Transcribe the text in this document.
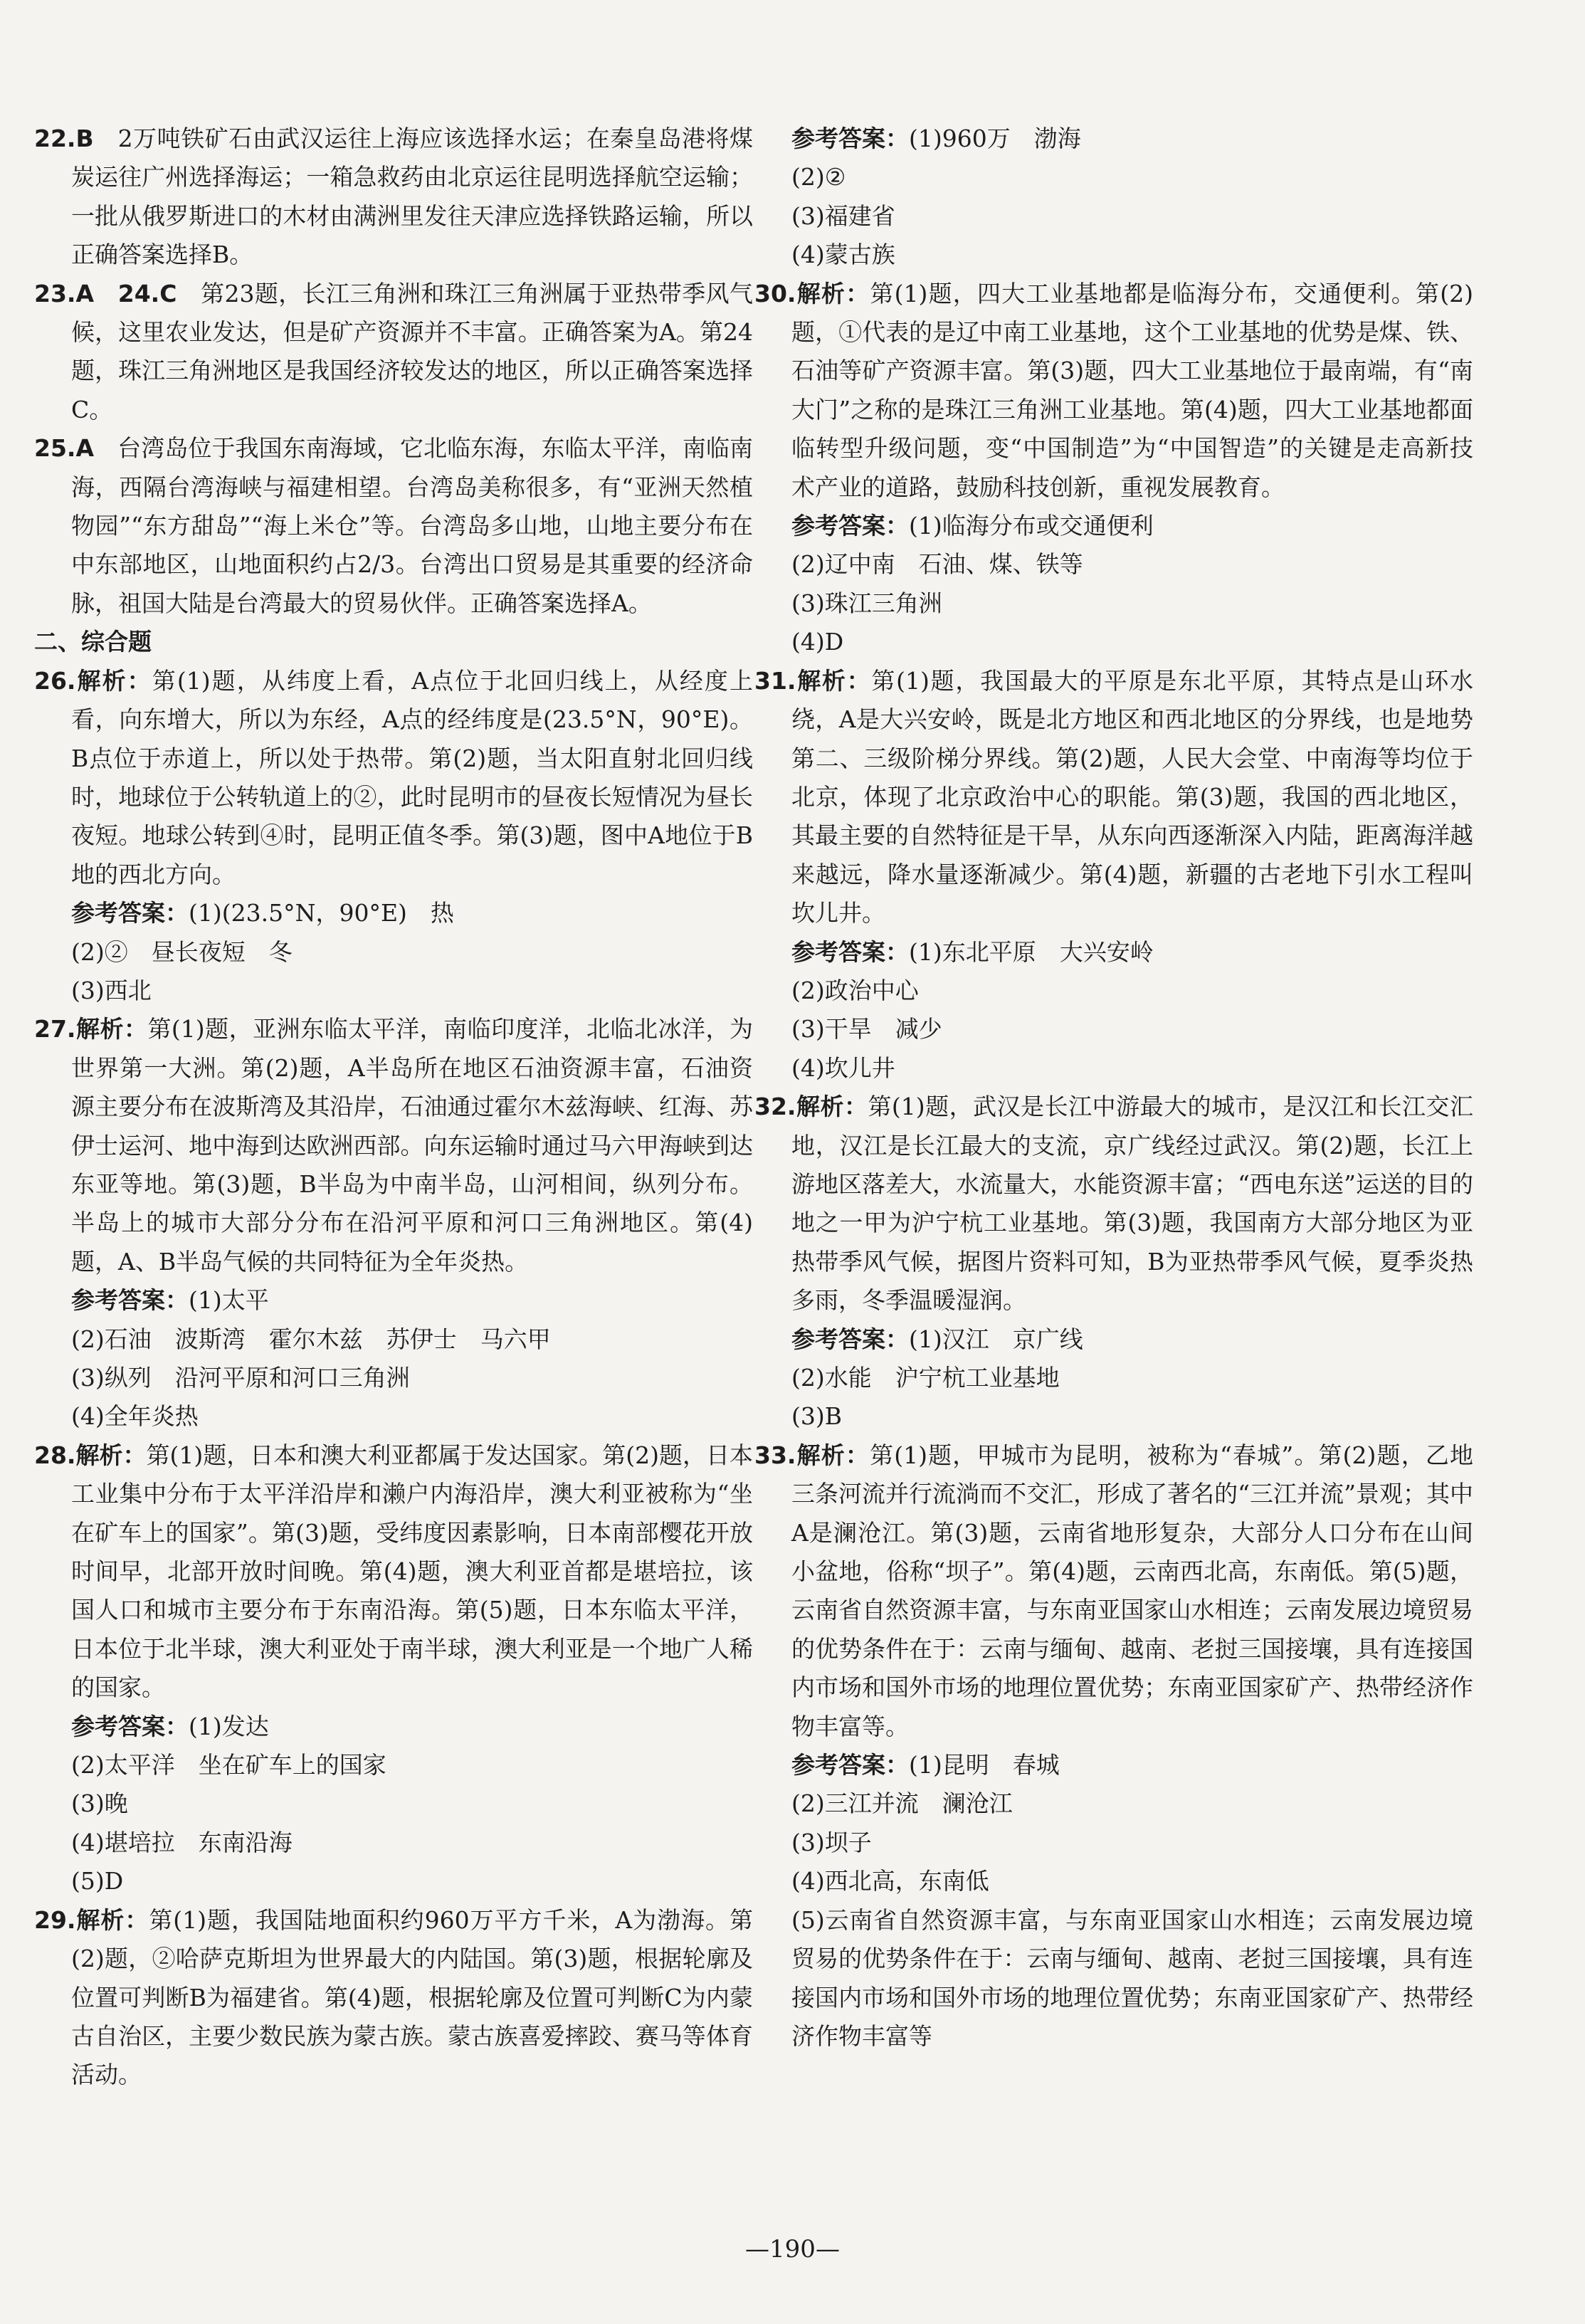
22.B　 2万吨铁矿石由武汉运往上海应该选择水运；在秦皇岛港将煤炭运往广州选择海运；一箱急救药由北京运往昆明选择航空运输；一批从俄罗斯进口的木材由满洲里发往天津应选择铁路运输，所以正确答案选择B。

23.A　 24.C　 第23题，长江三角洲和珠江三角洲属于亚热带季风气候，这里农业发达，但是矿产资源并不丰富。正确答案为A。第24题，珠江三角洲地区是我国经济较发达的地区，所以正确答案选择C。

25.A　 台湾岛位于我国东南海域，它北临东海，东临太平洋，南临南海，西隔台湾海峡与福建相望。台湾岛美称很多，有“亚洲天然植物园”“东方甜岛”“海上米仓”等。台湾岛多山地，山地主要分布在中东部地区，山地面积约占2/3。台湾出口贸易是其重要的经济命脉，祖国大陆是台湾最大的贸易伙伴。正确答案选择A。

二、综合题

26.解析：第(1)题，从纬度上看，A点位于北回归线上，从经度上看，向东增大，所以为东经，A点的经纬度是(23.5°N，90°E)。B点位于赤道上，所以处于热带。第(2)题，当太阳直射北回归线时，地球位于公转轨道上的②，此时昆明市的昼夜长短情况为昼长夜短。地球公转到④时，昆明正值冬季。第(3)题，图中A地位于B地的西北方向。

参考答案：(1)(23.5°N，90°E)　热
(2)②　昼长夜短　冬
(3)西北

27.解析：第(1)题，亚洲东临太平洋，南临印度洋，北临北冰洋，为世界第一大洲。第(2)题，A半岛所在地区石油资源丰富，石油资源主要分布在波斯湾及其沿岸，石油通过霍尔木兹海峡、红海、苏伊士运河、地中海到达欧洲西部。向东运输时通过马六甲海峡到达东亚等地。第(3)题，B半岛为中南半岛，山河相间，纵列分布。半岛上的城市大部分分布在沿河平原和河口三角洲地区。第(4)题，A、B半岛气候的共同特征为全年炎热。

参考答案：(1)太平
(2)石油　波斯湾　霍尔木兹　苏伊士　马六甲
(3)纵列　沿河平原和河口三角洲
(4)全年炎热

28.解析：第(1)题，日本和澳大利亚都属于发达国家。第(2)题，日本工业集中分布于太平洋沿岸和濑户内海沿岸，澳大利亚被称为“坐在矿车上的国家”。第(3)题，受纬度因素影响，日本南部樱花开放时间早，北部开放时间晚。第(4)题，澳大利亚首都是堪培拉，该国人口和城市主要分布于东南沿海。第(5)题，日本东临太平洋，日本位于北半球，澳大利亚处于南半球，澳大利亚是一个地广人稀的国家。

参考答案：(1)发达
(2)太平洋　坐在矿车上的国家
(3)晚
(4)堪培拉　东南沿海
(5)D

29.解析：第(1)题，我国陆地面积约960万平方千米，A为渤海。第(2)题，②哈萨克斯坦为世界最大的内陆国。第(3)题，根据轮廓及位置可判断B为福建省。第(4)题，根据轮廓及位置可判断C为内蒙古自治区，主要少数民族为蒙古族。蒙古族喜爱摔跤、赛马等体育活动。

参考答案：(1)960万　渤海
(2)②
(3)福建省
(4)蒙古族

30.解析：第(1)题，四大工业基地都是临海分布，交通便利。第(2)题，①代表的是辽中南工业基地，这个工业基地的优势是煤、铁、石油等矿产资源丰富。第(3)题，四大工业基地位于最南端，有“南大门”之称的是珠江三角洲工业基地。第(4)题，四大工业基地都面临转型升级问题，变“中国制造”为“中国智造”的关键是走高新技术产业的道路，鼓励科技创新，重视发展教育。

参考答案：(1)临海分布或交通便利
(2)辽中南　石油、煤、铁等
(3)珠江三角洲
(4)D

31.解析：第(1)题，我国最大的平原是东北平原，其特点是山环水绕，A是大兴安岭，既是北方地区和西北地区的分界线，也是地势第二、三级阶梯分界线。第(2)题，人民大会堂、中南海等均位于北京，体现了北京政治中心的职能。第(3)题，我国的西北地区，其最主要的自然特征是干旱，从东向西逐渐深入内陆，距离海洋越来越远，降水量逐渐减少。第(4)题，新疆的古老地下引水工程叫坎儿井。

参考答案：(1)东北平原　大兴安岭
(2)政治中心
(3)干旱　减少
(4)坎儿井

32.解析：第(1)题，武汉是长江中游最大的城市，是汉江和长江交汇地，汉江是长江最大的支流，京广线经过武汉。第(2)题，长江上游地区落差大，水流量大，水能资源丰富；“西电东送”运送的目的地之一甲为沪宁杭工业基地。第(3)题，我国南方大部分地区为亚热带季风气候，据图片资料可知，B为亚热带季风气候，夏季炎热多雨，冬季温暖湿润。

参考答案：(1)汉江　京广线
(2)水能　沪宁杭工业基地
(3)B

33.解析：第(1)题，甲城市为昆明，被称为“春城”。第(2)题，乙地三条河流并行流淌而不交汇，形成了著名的“三江并流”景观；其中A是澜沧江。第(3)题，云南省地形复杂，大部分人口分布在山间小盆地，俗称“坝子”。第(4)题，云南西北高，东南低。第(5)题，云南省自然资源丰富，与东南亚国家山水相连；云南发展边境贸易的优势条件在于：云南与缅甸、越南、老挝三国接壤，具有连接国内市场和国外市场的地理位置优势；东南亚国家矿产、热带经济作物丰富等。

参考答案：(1)昆明　春城
(2)三江并流　澜沧江
(3)坝子
(4)西北高，东南低
(5)云南省自然资源丰富，与东南亚国家山水相连；云南发展边境贸易的优势条件在于：云南与缅甸、越南、老挝三国接壤，具有连接国内市场和国外市场的地理位置优势；东南亚国家矿产、热带经济作物丰富等
—190—
